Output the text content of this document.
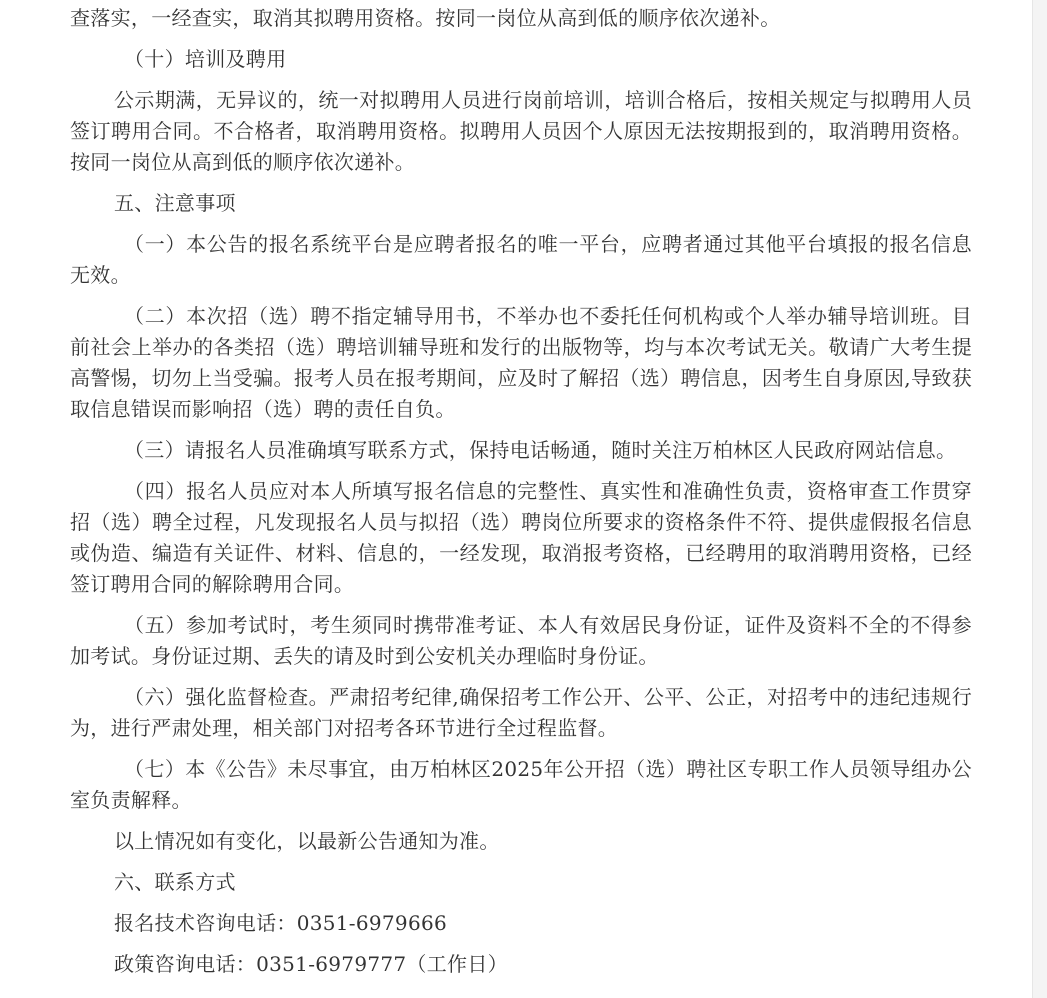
查落实，一经查实，取消其拟聘用资格。按同一岗位从高到低的顺序依次递补。

（十）培训及聘用

公示期满，无异议的，统一对拟聘用人员进行岗前培训，培训合格后，按相关规定与拟聘用人员签订聘用合同。不合格者，取消聘用资格。拟聘用人员因个人原因无法按期报到的，取消聘用资格。按同一岗位从高到低的顺序依次递补。

五、注意事项

（一）本公告的报名系统平台是应聘者报名的唯一平台，应聘者通过其他平台填报的报名信息无效。

（二）本次招（选）聘不指定辅导用书，不举办也不委托任何机构或个人举办辅导培训班。目前社会上举办的各类招（选）聘培训辅导班和发行的出版物等，均与本次考试无关。敬请广大考生提高警惕，切勿上当受骗。报考人员在报考期间，应及时了解招（选）聘信息，因考生自身原因,导致获取信息错误而影响招（选）聘的责任自负。

（三）请报名人员准确填写联系方式，保持电话畅通，随时关注万柏林区人民政府网站信息。

（四）报名人员应对本人所填写报名信息的完整性、真实性和准确性负责，资格审查工作贯穿招（选）聘全过程，凡发现报名人员与拟招（选）聘岗位所要求的资格条件不符、提供虚假报名信息或伪造、编造有关证件、材料、信息的，一经发现，取消报考资格，已经聘用的取消聘用资格，已经签订聘用合同的解除聘用合同。

（五）参加考试时，考生须同时携带准考证、本人有效居民身份证，证件及资料不全的不得参加考试。身份证过期、丢失的请及时到公安机关办理临时身份证。

（六）强化监督检查。严肃招考纪律,确保招考工作公开、公平、公正，对招考中的违纪违规行为，进行严肃处理，相关部门对招考各环节进行全过程监督。

（七）本《公告》未尽事宜，由万柏林区2025年公开招（选）聘社区专职工作人员领导组办公室负责解释。

以上情况如有变化，以最新公告通知为准。

六、联系方式

报名技术咨询电话：0351-6979666

政策咨询电话：0351-6979777（工作日）
